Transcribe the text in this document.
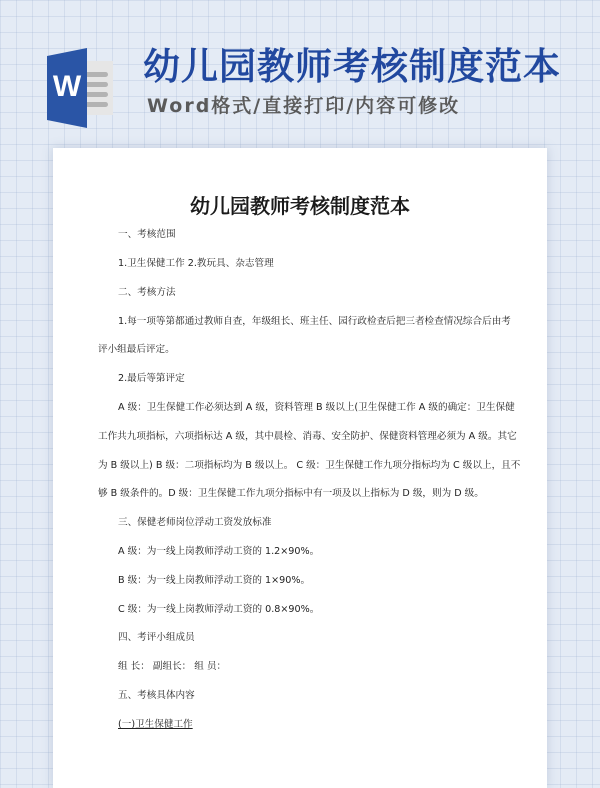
W 幼儿园教师考核制度范本
Word格式/直接打印/内容可修改
幼儿园教师考核制度范本
一、考核范围
1.卫生保健工作 2.教玩具、杂志管理
二、考核方法
1.每一项等第都通过教师自查，年级组长、班主任、园行政检查后把三者检查情况综合后由考
评小组最后评定。
2.最后等第评定
A 级：卫生保健工作必须达到 A 级，资料管理 B 级以上(卫生保健工作 A 级的确定：卫生保健
工作共九项指标，六项指标达 A 级，其中晨检、消毒、安全防护、保健资料管理必须为 A 级。其它
为 B 级以上) B 级：二项指标均为 B 级以上。 C 级：卫生保健工作九项分指标均为 C 级以上，且不
够 B 级条件的。D 级：卫生保健工作九项分指标中有一项及以上指标为 D 级，则为 D 级。
三、保健老师岗位浮动工资发放标准
A 级：为一线上岗教师浮动工资的 1.2×90%。
B 级：为一线上岗教师浮动工资的 1×90%。
C 级：为一线上岗教师浮动工资的 0.8×90%。
四、考评小组成员
组 长： 副组长： 组 员：
五、考核具体内容
(一)卫生保健工作
